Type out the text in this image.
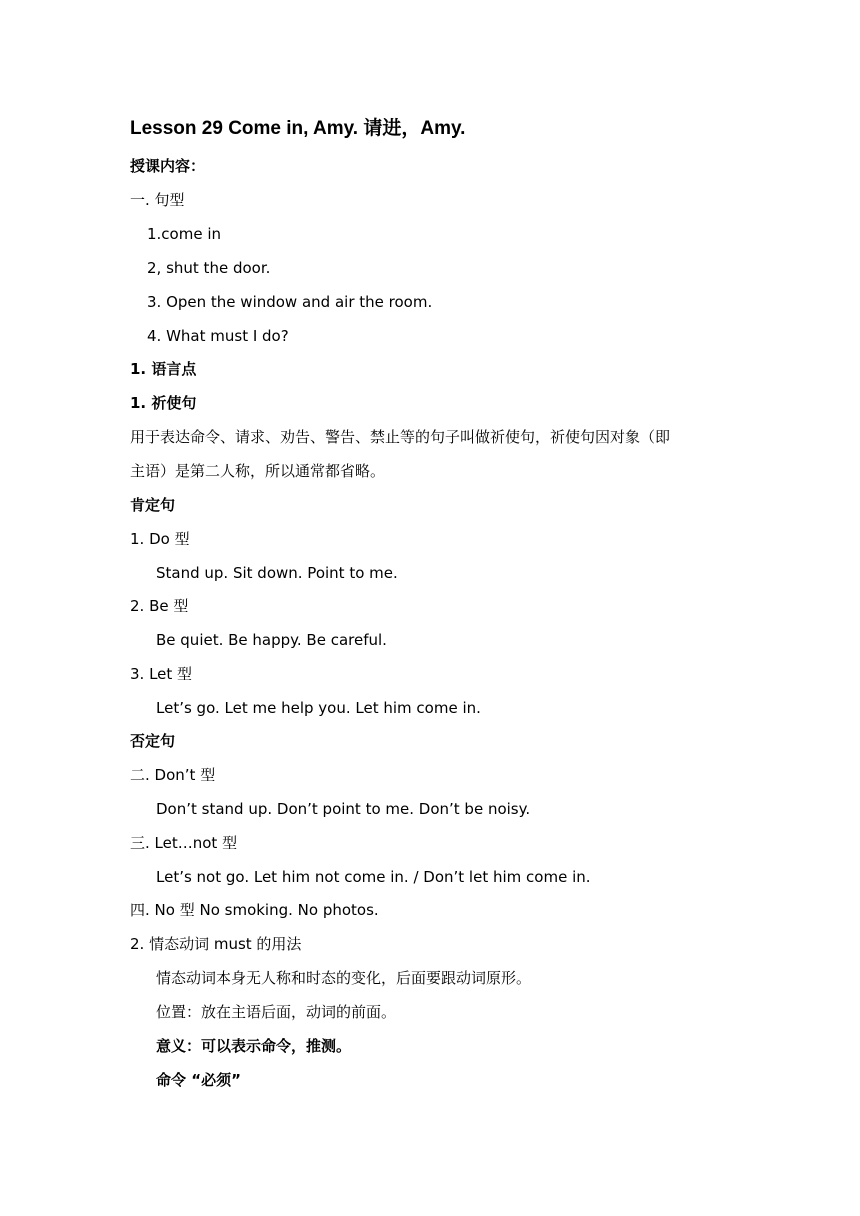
Lesson 29 Come in, Amy. 请进，Amy.
授课内容：
一. 句型
1.come in
2, shut the door.
3. Open the window and air the room.
4. What must I do?
1. 语言点
1. 祈使句
用于表达命令、请求、劝告、警告、禁止等的句子叫做祈使句，祈使句因对象（即
主语）是第二人称，所以通常都省略。
肯定句
1. Do 型
Stand up. Sit down. Point to me.
2. Be 型
Be quiet. Be happy. Be careful.
3. Let 型
Let’s go. Let me help you. Let him come in.
否定句
二. Don’t 型
Don’t stand up. Don’t point to me. Don’t be noisy.
三. Let…not 型
Let’s not go. Let him not come in. / Don’t let him come in.
四. No 型 No smoking. No photos.
2. 情态动词 must 的用法
情态动词本身无人称和时态的变化，后面要跟动词原形。
位置：放在主语后面，动词的前面。
意义：可以表示命令，推测。
命令 “必须”
